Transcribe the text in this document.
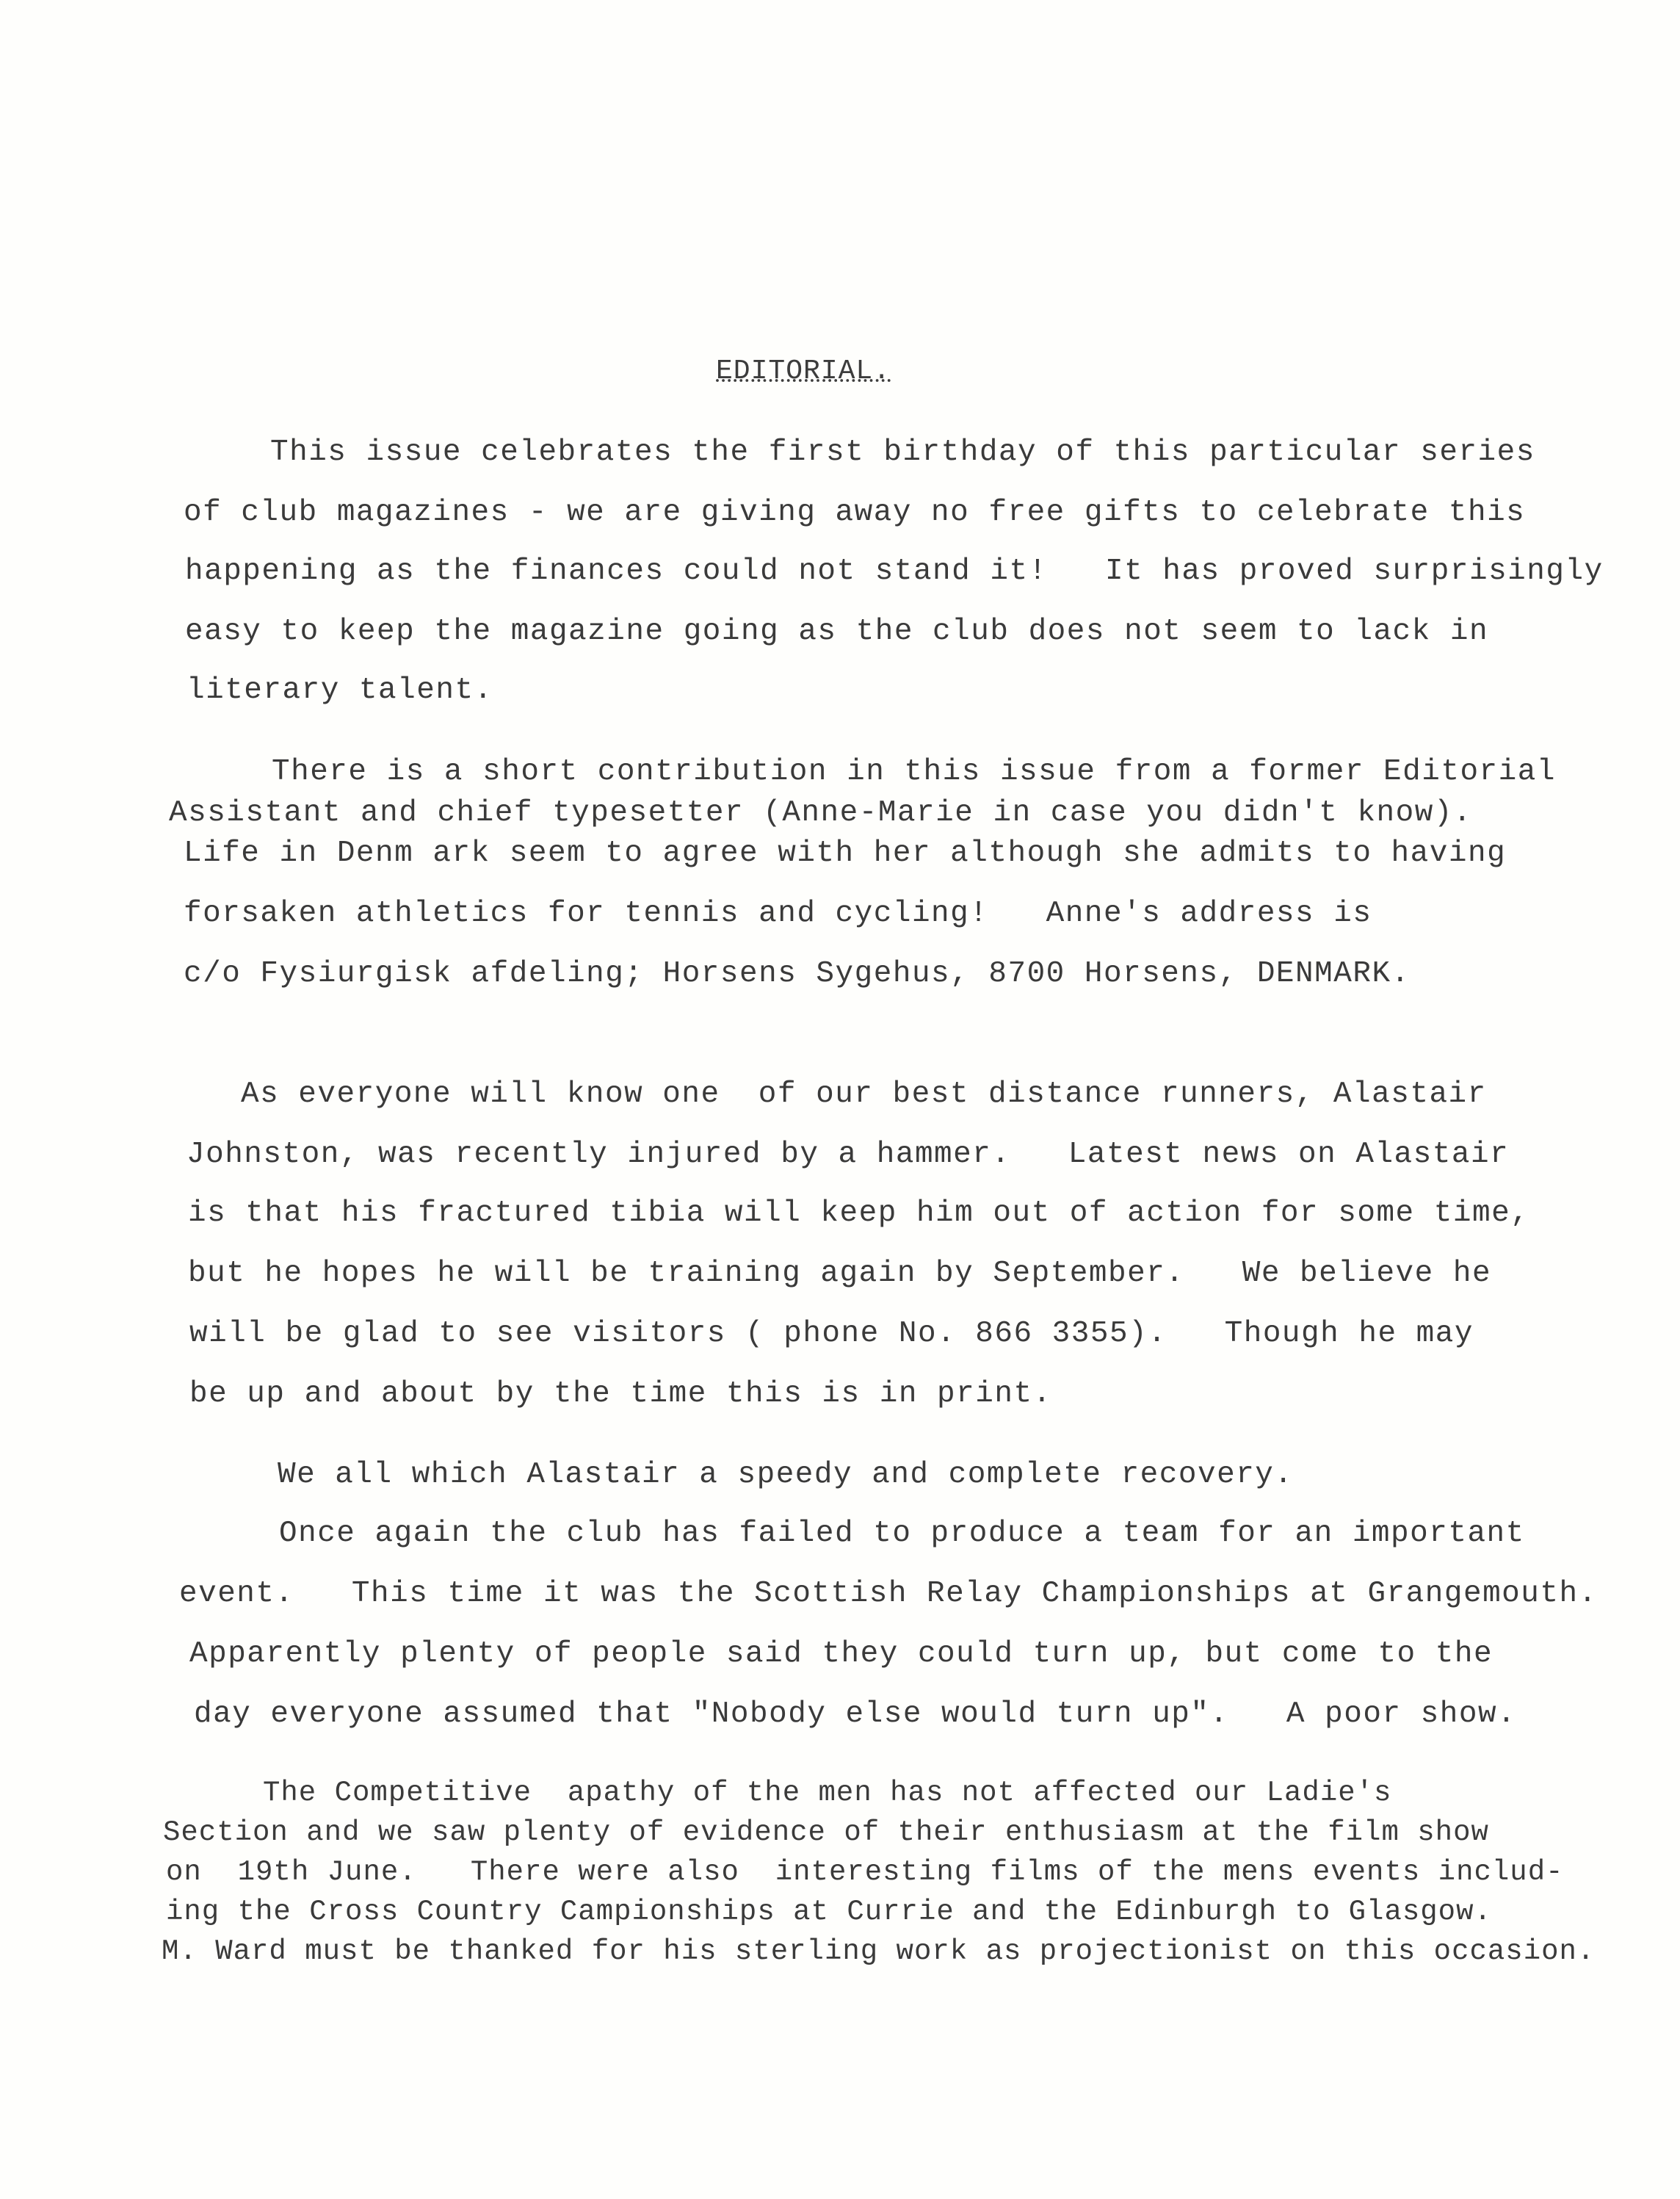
EDITORIAL.
This issue celebrates the first birthday of this particular series
of club magazines - we are giving away no free gifts to celebrate this
happening as the finances could not stand it!   It has proved surprisingly
easy to keep the magazine going as the club does not seem to lack in
literary talent.
There is a short contribution in this issue from a former Editorial
Assistant and chief typesetter (Anne-Marie in case you didn't know).
Life in Denm ark seem to agree with her although she admits to having
forsaken athletics for tennis and cycling!   Anne's address is
c/o Fysiurgisk afdeling; Horsens Sygehus, 8700 Horsens, DENMARK.
As everyone will know one  of our best distance runners, Alastair
Johnston, was recently injured by a hammer.   Latest news on Alastair
is that his fractured tibia will keep him out of action for some time,
but he hopes he will be training again by September.   We believe he
will be glad to see visitors ( phone No. 866 3355).   Though he may
be up and about by the time this is in print.
We all which Alastair a speedy and complete recovery.
Once again the club has failed to produce a team for an important
event.   This time it was the Scottish Relay Championships at Grangemouth.
Apparently plenty of people said they could turn up, but come to the
day everyone assumed that "Nobody else would turn up".   A poor show.
The Competitive  apathy of the men has not affected our Ladie's
Section and we saw plenty of evidence of their enthusiasm at the film show
on  19th June.   There were also  interesting films of the mens events includ-
ing the Cross Country Campionships at Currie and the Edinburgh to Glasgow.
M. Ward must be thanked for his sterling work as projectionist on this occasion.
